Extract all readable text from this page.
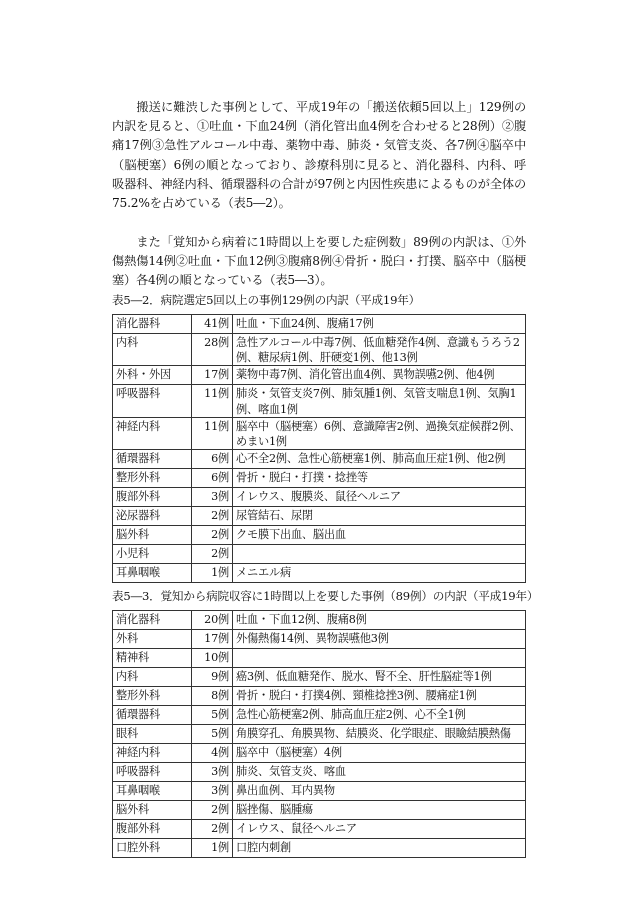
搬送に難渋した事例として、平成19年の「搬送依頼5回以上」129例の内訳を見ると、①吐血・下血24例（消化管出血4例を合わせると28例）②腹痛17例③急性アルコール中毒、薬物中毒、肺炎・気管支炎、各7例④脳卒中（脳梗塞）6例の順となっており、診療科別に見ると、消化器科、内科、呼吸器科、神経内科、循環器科の合計が97例と内因性疾患によるものが全体の75.2%を占めている（表5―2）。

また「覚知から病着に1時間以上を要した症例数」89例の内訳は、①外傷熱傷14例②吐血・下血12例③腹痛8例④骨折・脱臼・打撲、脳卒中（脳梗塞）各4例の順となっている（表5―3）。

表5―2．病院選定5回以上の事例129例の内訳（平成19年）

消化器科	41例	吐血・下血24例、腹痛17例
内科	28例	急性アルコール中毒7例、低血糖発作4例、意識もうろう2例、糖尿病1例、肝硬変1例、他13例
外科・外因	17例	薬物中毒7例、消化管出血4例、異物誤嚥2例、他4例
呼吸器科	11例	肺炎・気管支炎7例、肺気腫1例、気管支喘息1例、気胸1例、喀血1例
神経内科	11例	脳卒中（脳梗塞）6例、意識障害2例、過換気症候群2例、めまい1例
循環器科	6例	心不全2例、急性心筋梗塞1例、肺高血圧症1例、他2例
整形外科	6例	骨折・脱臼・打撲・捻挫等
腹部外科	3例	イレウス、腹膜炎、鼠径ヘルニア
泌尿器科	2例	尿管結石、尿閉
脳外科	2例	クモ膜下出血、脳出血
小児科	2例	
耳鼻咽喉	1例	メニエル病

表5―3．覚知から病院収容に1時間以上を要した事例（89例）の内訳（平成19年）

消化器科	20例	吐血・下血12例、腹痛8例
外科	17例	外傷熱傷14例、異物誤嚥他3例
精神科	10例	
内科	9例	癌3例、低血糖発作、脱水、腎不全、肝性脳症等1例
整形外科	8例	骨折・脱臼・打撲4例、頸椎捻挫3例、腰痛症1例
循環器科	5例	急性心筋梗塞2例、肺高血圧症2例、心不全1例
眼科	5例	角膜穿孔、角膜異物、結膜炎、化学眼症、眼瞼結膜熱傷
神経内科	4例	脳卒中（脳梗塞）4例
呼吸器科	3例	肺炎、気管支炎、喀血
耳鼻咽喉	3例	鼻出血例、耳内異物
脳外科	2例	脳挫傷、脳腫瘍
腹部外科	2例	イレウス、鼠径ヘルニア
口腔外科	1例	口腔内刺創
